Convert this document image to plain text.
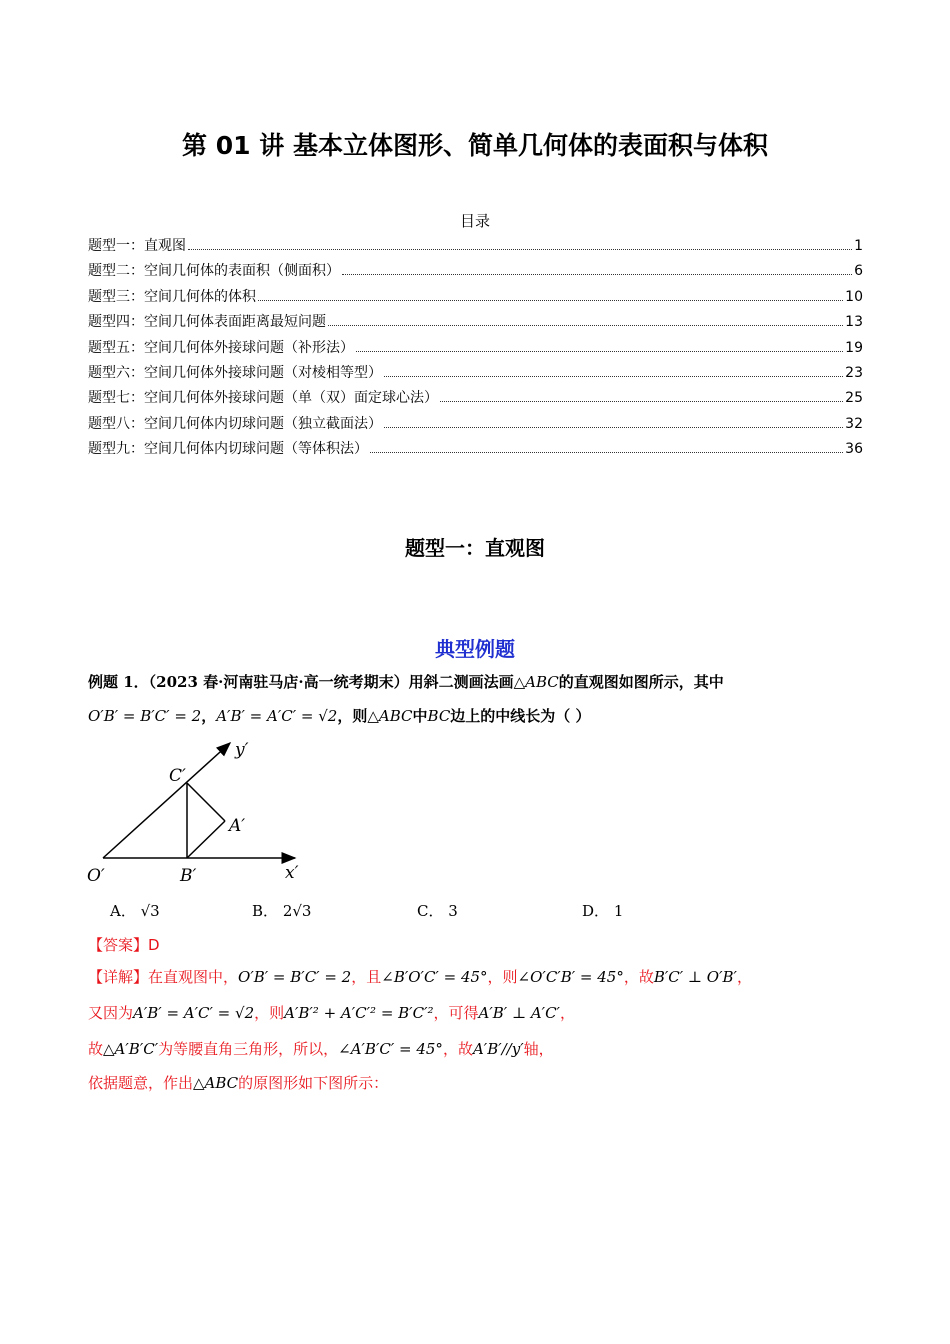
第 01 讲 基本立体图形、简单几何体的表面积与体积
目录
题型一：直观图	1
题型二：空间几何体的表面积（侧面积）	6
题型三：空间几何体的体积	10
题型四：空间几何体表面距离最短问题	13
题型五：空间几何体外接球问题（补形法）	19
题型六：空间几何体外接球问题（对棱相等型）	23
题型七：空间几何体外接球问题（单（双）面定球心法）	25
题型八：空间几何体内切球问题（独立截面法）	32
题型九：空间几何体内切球问题（等体积法）	36
题型一：直观图
典型例题
例题 1．（2023 春·河南驻马店·高一统考期末）用斜二测画法画△ABC的直观图如图所示，其中
O′B′ = B′C′ = 2，A′B′ = A′C′ = √2，则△ABC中BC边上的中线长为（ ）
y′
C′
A′
O′	B′	x′
A． √3	B． 2√3	C． 3	D． 1
【答案】D
【详解】在直观图中，O′B′ = B′C′ = 2，且∠B′O′C′ = 45°，则∠O′C′B′ = 45°，故B′C′ ⊥ O′B′，
又因为A′B′ = A′C′ = √2，则A′B′² + A′C′² = B′C′²，可得A′B′ ⊥ A′C′，
故△A′B′C′为等腰直角三角形，所以，∠A′B′C′ = 45°，故A′B′//y′轴，
依据题意，作出△ABC的原图形如下图所示：
